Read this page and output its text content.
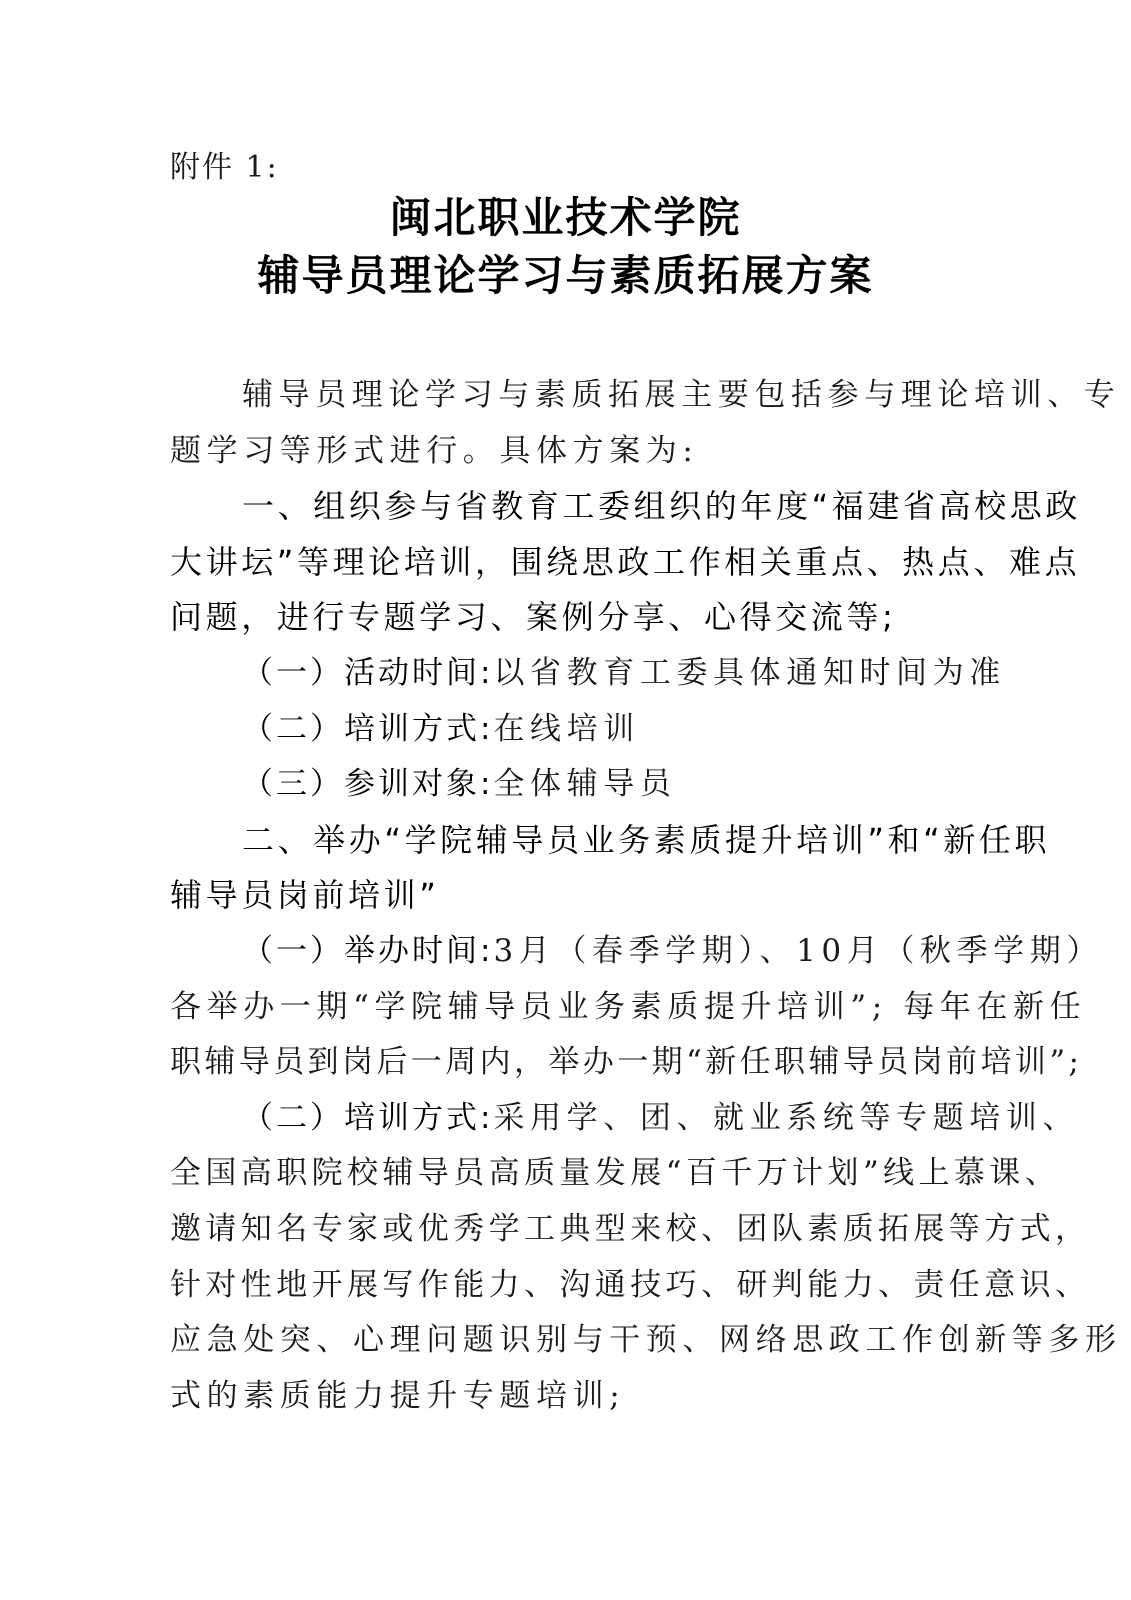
附件 1:
闽北职业技术学院
辅导员理论学习与素质拓展方案
辅导员理论学习与素质拓展主要包括参与理论培训、专
题学习等形式进行。具体方案为:
一、组织参与省教育工委组织的年度“福建省高校思政
大讲坛”等理论培训，围绕思政工作相关重点、热点、难点
问题，进行专题学习、案例分享、心得交流等;
（一）活动时间:以省教育工委具体通知时间为准
（二）培训方式:在线培训
（三）参训对象:全体辅导员
二、举办“学院辅导员业务素质提升培训”和“新任职
辅导员岗前培训”
（一）举办时间:3月（春季学期）、10月（秋季学期）
各举办一期“学院辅导员业务素质提升培训”; 每年在新任
职辅导员到岗后一周内，举办一期“新任职辅导员岗前培训”;
（二）培训方式:采用学、团、就业系统等专题培训、
全国高职院校辅导员高质量发展“百千万计划”线上慕课、
邀请知名专家或优秀学工典型来校、团队素质拓展等方式，
针对性地开展写作能力、沟通技巧、研判能力、责任意识、
应急处突、心理问题识别与干预、网络思政工作创新等多形
式的素质能力提升专题培训;
